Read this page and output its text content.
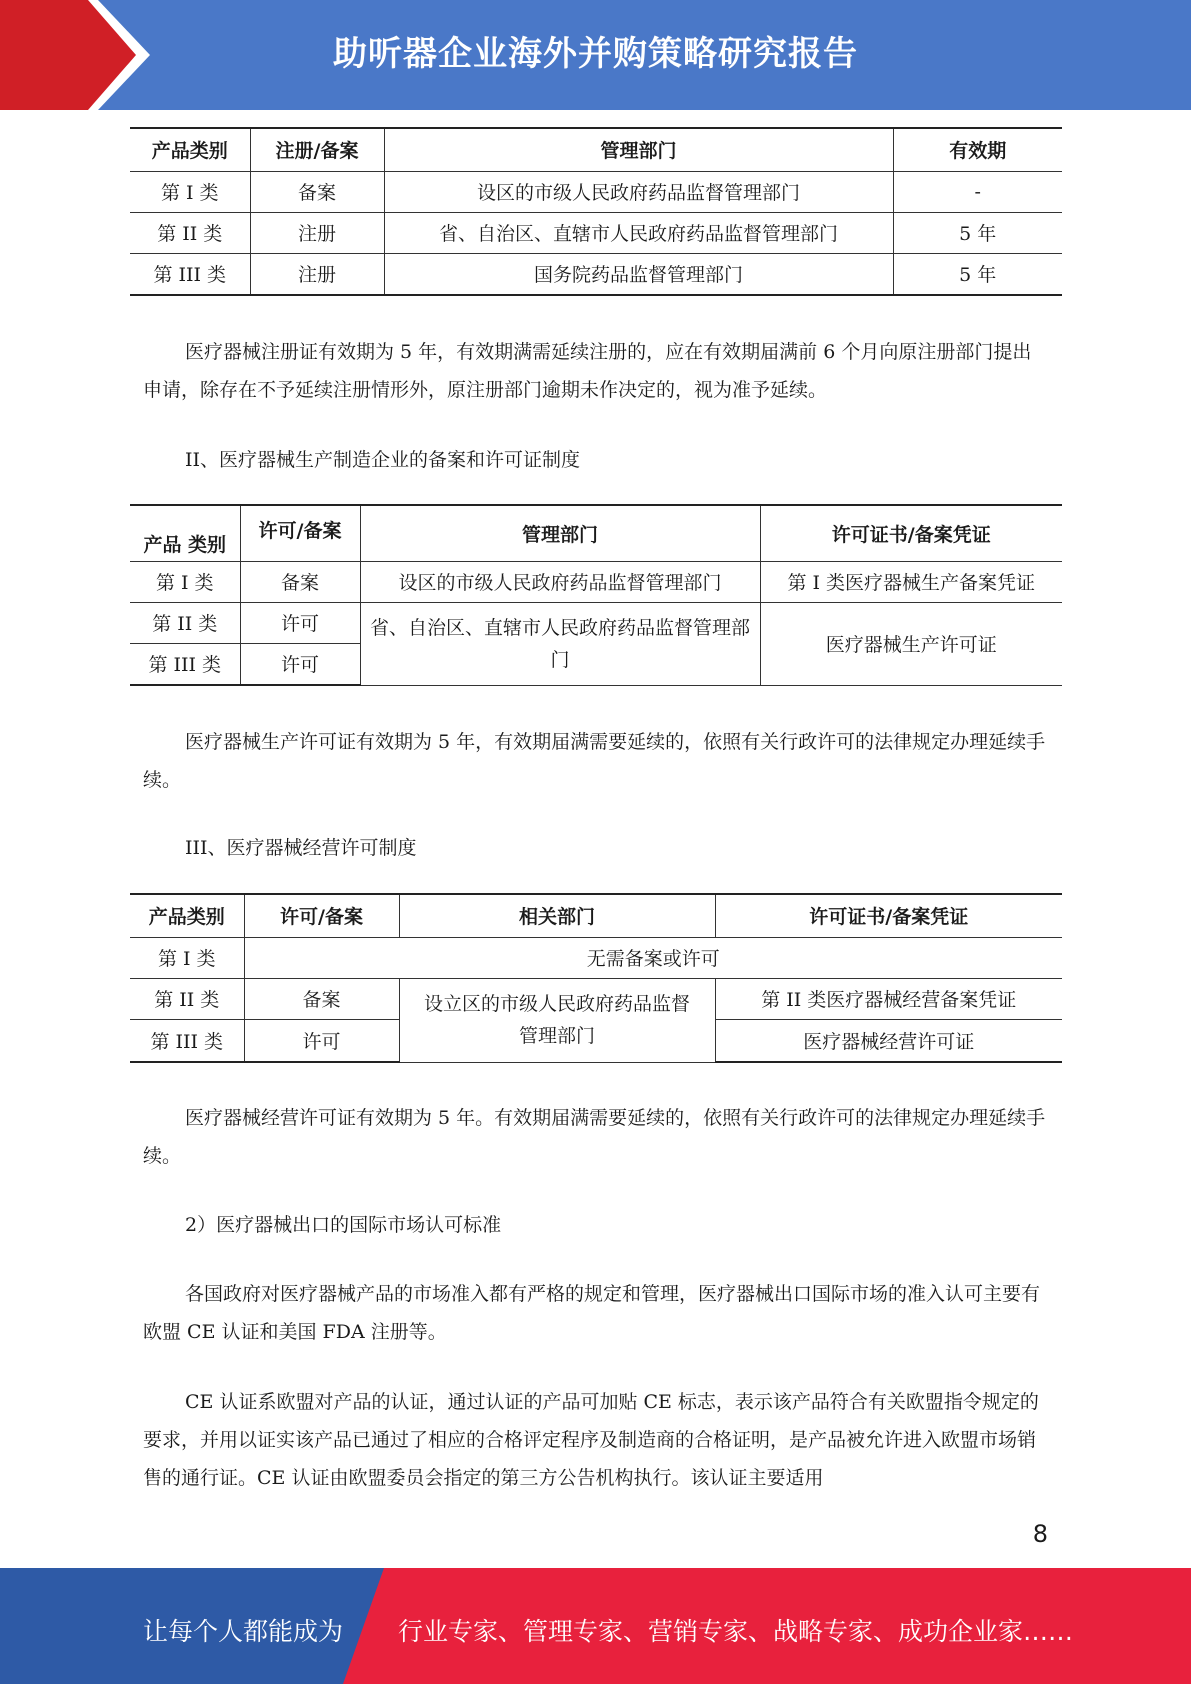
助听器企业海外并购策略研究报告
产品类别	注册/备案	管理部门	有效期
第 I 类	备案	设区的市级人民政府药品监督管理部门	-
第 II 类	注册	省、自治区、直辖市人民政府药品监督管理部门	5 年
第 III 类	注册	国务院药品监督管理部门	5 年

医疗器械注册证有效期为 5 年，有效期满需延续注册的，应在有效期届满前 6 个月向原注册部门提出申请，除存在不予延续注册情形外，原注册部门逾期未作决定的，视为准予延续。

II、医疗器械生产制造企业的备案和许可证制度

产品 类别	许可/备案	管理部门	许可证书/备案凭证
第 I 类	备案	设区的市级人民政府药品监督管理部门	第 I 类医疗器械生产备案凭证
第 II 类	许可	省、自治区、直辖市人民政府药品监督管理部门	医疗器械生产许可证
第 III 类	许可		

医疗器械生产许可证有效期为 5 年，有效期届满需要延续的，依照有关行政许可的法律规定办理延续手续。

III、医疗器械经营许可制度

产品类别	许可/备案	相关部门	许可证书/备案凭证
第 I 类	无需备案或许可		
第 II 类	备案	设立区的市级人民政府药品监督管理部门	第 II 类医疗器械经营备案凭证
第 III 类	许可		医疗器械经营许可证

医疗器械经营许可证有效期为 5 年。有效期届满需要延续的，依照有关行政许可的法律规定办理延续手续。

2）医疗器械出口的国际市场认可标准

各国政府对医疗器械产品的市场准入都有严格的规定和管理，医疗器械出口国际市场的准入认可主要有欧盟 CE 认证和美国 FDA 注册等。

CE 认证系欧盟对产品的认证，通过认证的产品可加贴 CE 标志，表示该产品符合有关欧盟指令规定的要求，并用以证实该产品已通过了相应的合格评定程序及制造商的合格证明，是产品被允许进入欧盟市场销售的通行证。CE 认证由欧盟委员会指定的第三方公告机构执行。该认证主要适用

8
让每个人都能成为 行业专家、管理专家、营销专家、战略专家、成功企业家……
